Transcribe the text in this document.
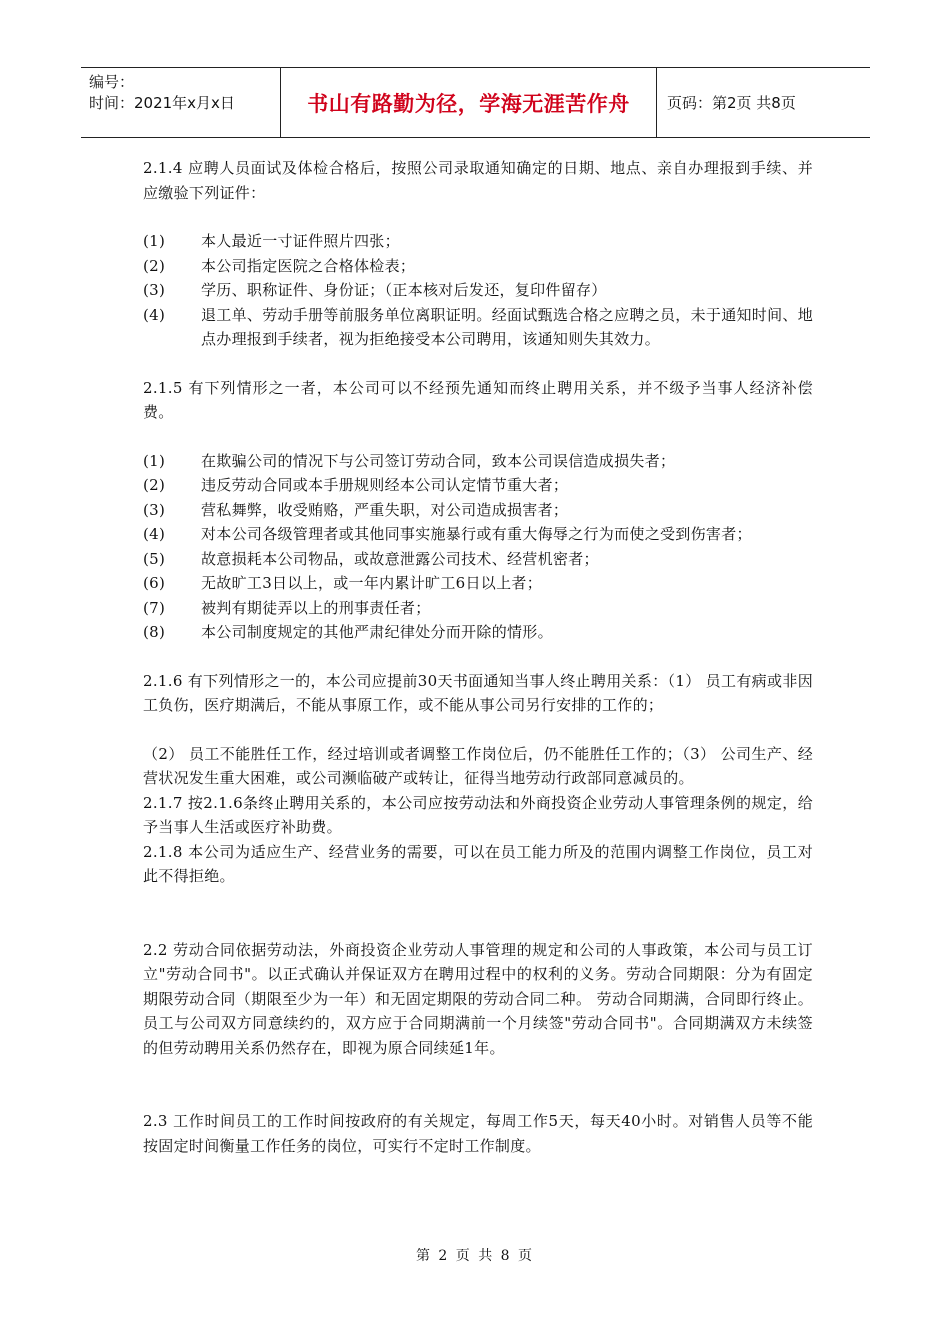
编号：
时间：2021年x月x日	书山有路勤为径，学海无涯苦作舟	页码：第2页 共8页

2.1.4 应聘人员面试及体检合格后，按照公司录取通知确定的日期、地点、亲自办理报到手续、并应缴验下列证件：

(1)	本人最近一寸证件照片四张；
(2)	本公司指定医院之合格体检表；
(3)	学历、职称证件、身份证；（正本核对后发还，复印件留存）
(4)	退工单、劳动手册等前服务单位离职证明。经面试甄选合格之应聘之员，未于通知时间、地点办理报到手续者，视为拒绝接受本公司聘用，该通知则失其效力。

2.1.5 有下列情形之一者，本公司可以不经预先通知而终止聘用关系，并不级予当事人经济补偿费。

(1)	在欺骗公司的情况下与公司签订劳动合同，致本公司误信造成损失者；
(2)	违反劳动合同或本手册规则经本公司认定情节重大者；
(3)	营私舞弊，收受贿赂，严重失职，对公司造成损害者；
(4)	对本公司各级管理者或其他同事实施暴行或有重大侮辱之行为而使之受到伤害者；
(5)	故意损耗本公司物品，或故意泄露公司技术、经营机密者；
(6)	无故旷工3日以上，或一年内累计旷工6日以上者；
(7)	被判有期徒弄以上的刑事责任者；
(8)	本公司制度规定的其他严肃纪律处分而开除的情形。

2.1.6 有下列情形之一的，本公司应提前30天书面通知当事人终止聘用关系：（1） 员工有病或非因工负伤，医疗期满后，不能从事原工作，或不能从事公司另行安排的工作的；

（2） 员工不能胜任工作，经过培训或者调整工作岗位后，仍不能胜任工作的；（3） 公司生产、经营状况发生重大困难，或公司濒临破产或转让，征得当地劳动行政部同意减员的。

2.1.7 按2.1.6条终止聘用关系的，本公司应按劳动法和外商投资企业劳动人事管理条例的规定，给予当事人生活或医疗补助费。

2.1.8 本公司为适应生产、经营业务的需要，可以在员工能力所及的范围内调整工作岗位，员工对此不得拒绝。

2.2 劳动合同依据劳动法，外商投资企业劳动人事管理的规定和公司的人事政策，本公司与员工订立"劳动合同书"。以正式确认并保证双方在聘用过程中的权利的义务。劳动合同期限：分为有固定期限劳动合同（期限至少为一年）和无固定期限的劳动合同二种。 劳动合同期满，合同即行终止。员工与公司双方同意续约的，双方应于合同期满前一个月续签"劳动合同书"。合同期满双方未续签的但劳动聘用关系仍然存在，即视为原合同续延1年。

2.3 工作时间员工的工作时间按政府的有关规定，每周工作5天，每天40小时。对销售人员等不能按固定时间衡量工作任务的岗位，可实行不定时工作制度。

第 2 页 共 8 页
